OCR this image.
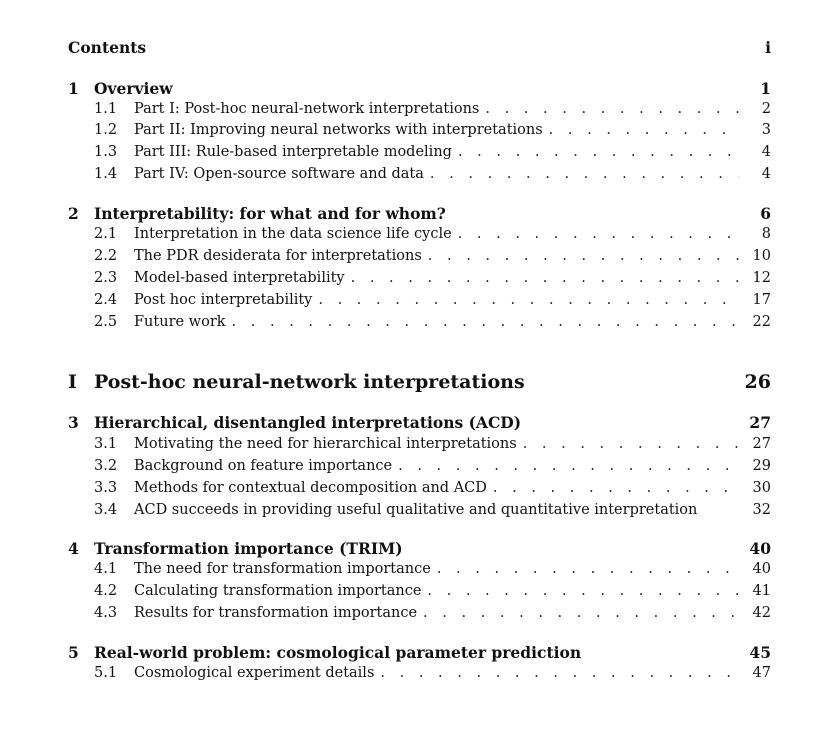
Contents	i
1 Overview	1
1.1	Part I: Post-hoc neural-network interpretations . . .	2
1.2	Part II: Improving neural networks with interpretations . . .	3
1.3	Part III: Rule-based interpretable modeling . . .	4
1.4	Part IV: Open-source software and data . . .	4
2 Interpretability: for what and for whom?	6
2.1	Interpretation in the data science life cycle . . .	8
2.2	The PDR desiderata for interpretations . . .	10
2.3	Model-based interpretability . . .	12
2.4	Post hoc interpretability . . .	17
2.5	Future work . . .	22
I Post-hoc neural-network interpretations	26
3 Hierarchical, disentangled interpretations (ACD)	27
3.1	Motivating the need for hierarchical interpretations . . .	27
3.2	Background on feature importance . . .	29
3.3	Methods for contextual decomposition and ACD . . .	30
3.4	ACD succeeds in providing useful qualitative and quantitative interpretation	32
4 Transformation importance (TRIM)	40
4.1	The need for transformation importance . . .	40
4.2	Calculating transformation importance . . .	41
4.3	Results for transformation importance . . .	42
5 Real-world problem: cosmological parameter prediction	45
5.1	Cosmological experiment details . . .	47
